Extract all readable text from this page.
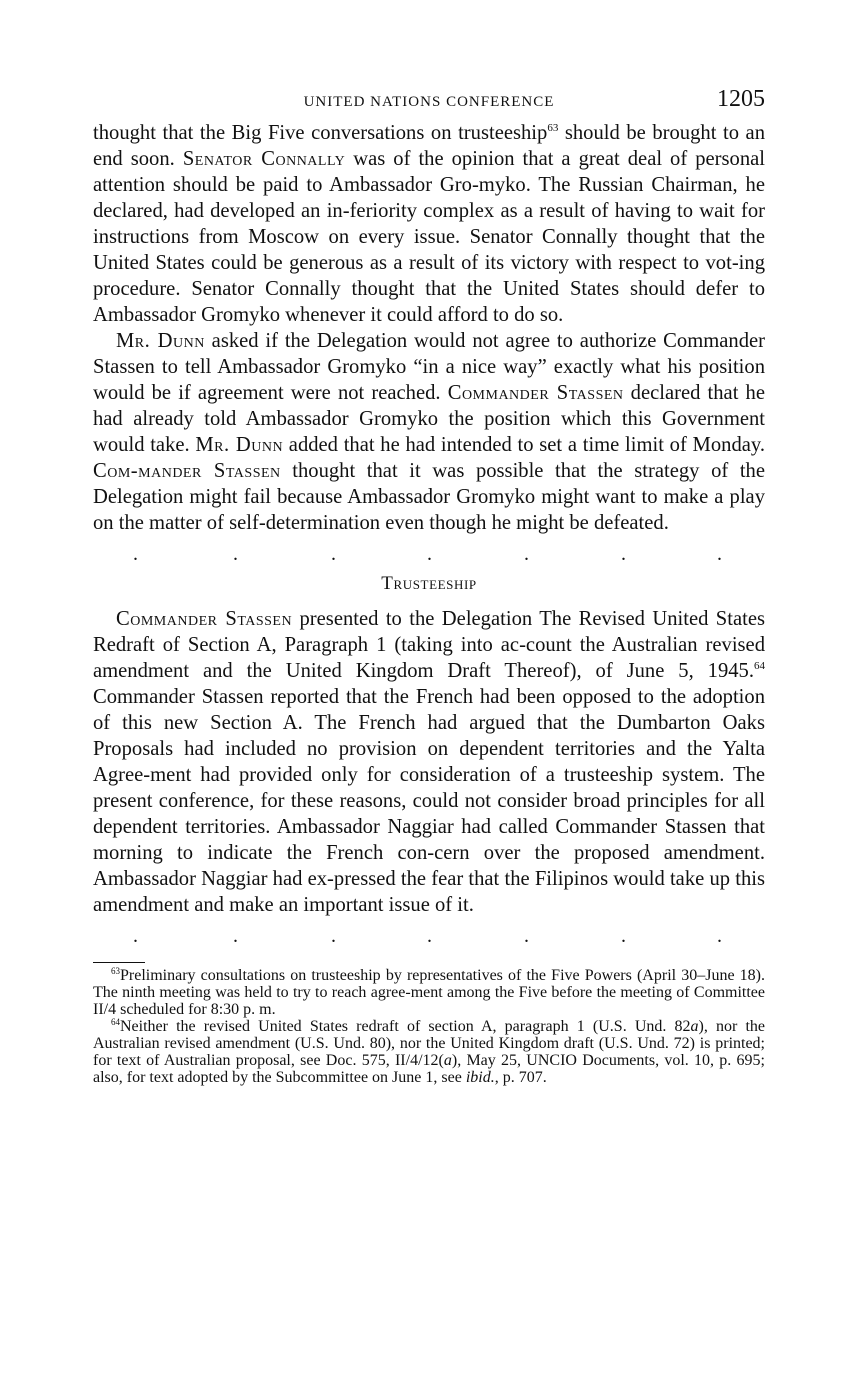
UNITED NATIONS CONFERENCE	1205

thought that the Big Five conversations on trusteeship$^{63}$ should be brought to an end soon. Senator Connally was of the opinion that a great deal of personal attention should be paid to Ambassador Gro-myko. The Russian Chairman, he declared, had developed an in-feriority complex as a result of having to wait for instructions from Moscow on every issue. Senator Connally thought that the United States could be generous as a result of its victory with respect to vot-ing procedure. Senator Connally thought that the United States should defer to Ambassador Gromyko whenever it could afford to do so.

Mr. Dunn asked if the Delegation would not agree to authorize Commander Stassen to tell Ambassador Gromyko “in a nice way” exactly what his position would be if agreement were not reached. Commander Stassen declared that he had already told Ambassador Gromyko the position which this Government would take. Mr. Dunn added that he had intended to set a time limit of Monday. Com-mander Stassen thought that it was possible that the strategy of the Delegation might fail because Ambassador Gromyko might want to make a play on the matter of self-determination even though he might be defeated.

.	.	.	.	.	.	.
Trusteeship

Commander Stassen presented to the Delegation The Revised United States Redraft of Section A, Paragraph 1 (taking into ac-count the Australian revised amendment and the United Kingdom Draft Thereof), of June 5, 1945.64 Commander Stassen reported that the French had been opposed to the adoption of this new Section A. The French had argued that the Dumbarton Oaks Proposals had included no provision on dependent territories and the Yalta Agree-ment had provided only for consideration of a trusteeship system. The present conference, for these reasons, could not consider broad principles for all dependent territories. Ambassador Naggiar had called Commander Stassen that morning to indicate the French con-cern over the proposed amendment. Ambassador Naggiar had ex-pressed the fear that the Filipinos would take up this amendment and make an important issue of it.

.	.	.	.	.	.	.

$^{63}$Preliminary consultations on trusteeship by representatives of the Five Powers (April 30–June 18). The ninth meeting was held to try to reach agree-ment among the Five before the meeting of Committee II/4 scheduled for 8:30 p. m.

$^{64}$Neither the revised United States redraft of section A, paragraph 1 (U.S. Und. 82a), nor the Australian revised amendment (U.S. Und. 80), nor the United Kingdom draft (U.S. Und. 72) is printed; for text of Australian proposal, see Doc. 575, II/4/12(a), May 25, UNCIO Documents, vol. 10, p. 695; also, for text adopted by the Subcommittee on June 1, see ibid., p. 707.
